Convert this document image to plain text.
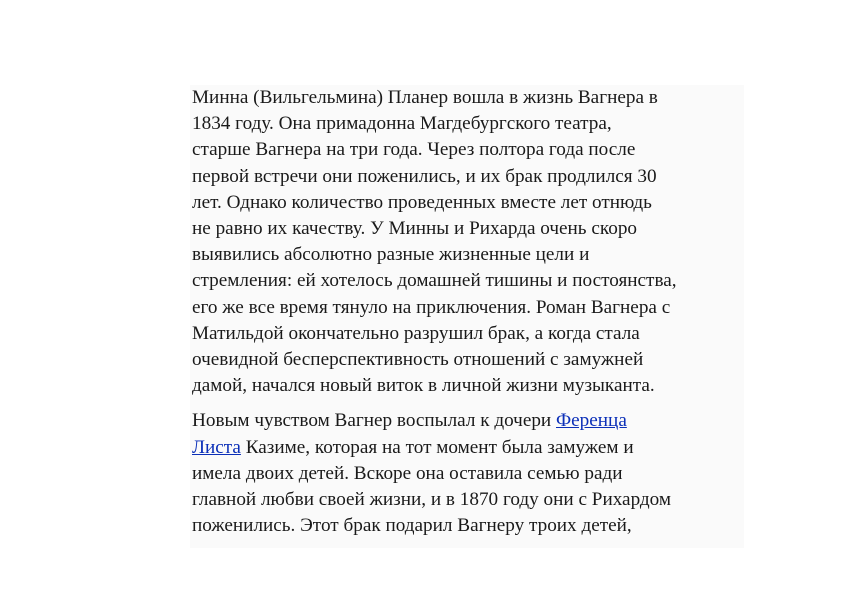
Минна (Вильгельмина) Планер вошла в жизнь Вагнера в
1834 году. Она примадонна Магдебургского театра,
старше Вагнера на три года. Через полтора года после
первой встречи они поженились, и их брак продлился 30
лет. Однако количество проведенных вместе лет отнюдь
не равно их качеству. У Минны и Рихарда очень скоро
выявились абсолютно разные жизненные цели и
стремления: ей хотелось домашней тишины и постоянства,
его же все время тянуло на приключения. Роман Вагнера с
Матильдой окончательно разрушил брак, а когда стала
очевидной бесперспективность отношений с замужней
дамой, начался новый виток в личной жизни музыканта.

Новым чувством Вагнер воспылал к дочери Ференца
Листа Казиме, которая на тот момент была замужем и
имела двоих детей. Вскоре она оставила семью ради
главной любви своей жизни, и в 1870 году они с Рихардом
поженились. Этот брак подарил Вагнеру троих детей,
